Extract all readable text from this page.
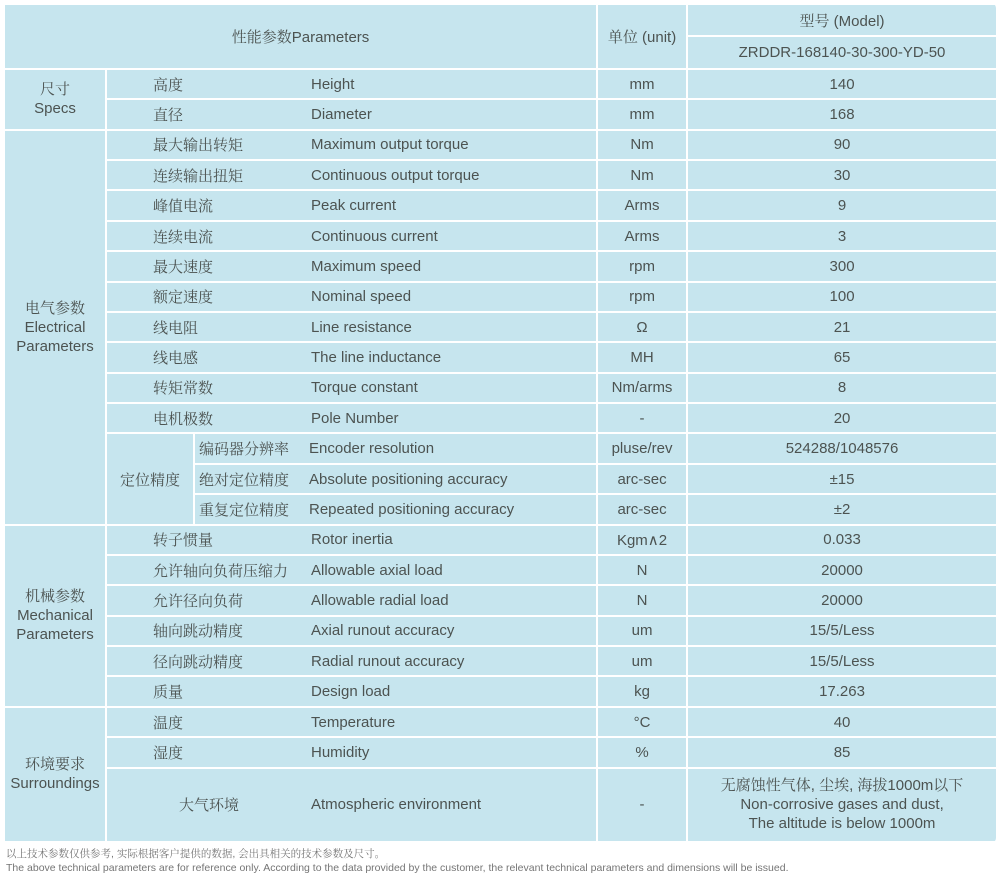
性能参数Parameters			单位 (unit)	型号 (Model)
				ZRDDR-168140-30-300-YD-50

尺寸
Specs	高度 Height		mm	140
	直径 Diameter		mm	168

电气参数
Electrical
Parameters	最大输出转矩 Maximum output torque		Nm	90
	连续输出扭矩 Continuous output torque		Nm	30
	峰值电流 Peak current		Arms	9
	连续电流 Continuous current		Arms	3
	最大速度 Maximum speed		rpm	300
	额定速度 Nominal speed		rpm	100
	线电阻 Line resistance		Ω	21
	线电感 The line inductance		MH	65
	转矩常数 Torque constant		Nm/arms	8
	电机极数 Pole Number		-	20
	定位精度	编码器分辨率 Encoder resolution	pluse/rev	524288/1048576
		绝对定位精度 Absolute positioning accuracy	arc-sec	±15
		重复定位精度 Repeated positioning accuracy	arc-sec	±2

机械参数
Mechanical
Parameters	转子惯量 Rotor inertia		Kgm∧2	0.033
	允许轴向负荷压缩力 Allowable axial load		N	20000
	允许径向负荷 Allowable radial load		N	20000
	轴向跳动精度 Axial runout accuracy		um	15/5/Less
	径向跳动精度 Radial runout accuracy		um	15/5/Less
	质量 Design load		kg	17.263

环境要求
Surroundings	温度 Temperature		°C	40
	湿度 Humidity		%	85
	大气环境 Atmospheric environment		-	无腐蚀性气体, 尘埃, 海拔1000m以下
Non-corrosive gases and dust,
The altitude is below 1000m
以上技术参数仅供参考, 实际根据客户提供的数据, 会出具相关的技术参数及尺寸。
The above technical parameters are for reference only. According to the data provided by the customer, the relevant technical parameters and dimensions will be issued.
